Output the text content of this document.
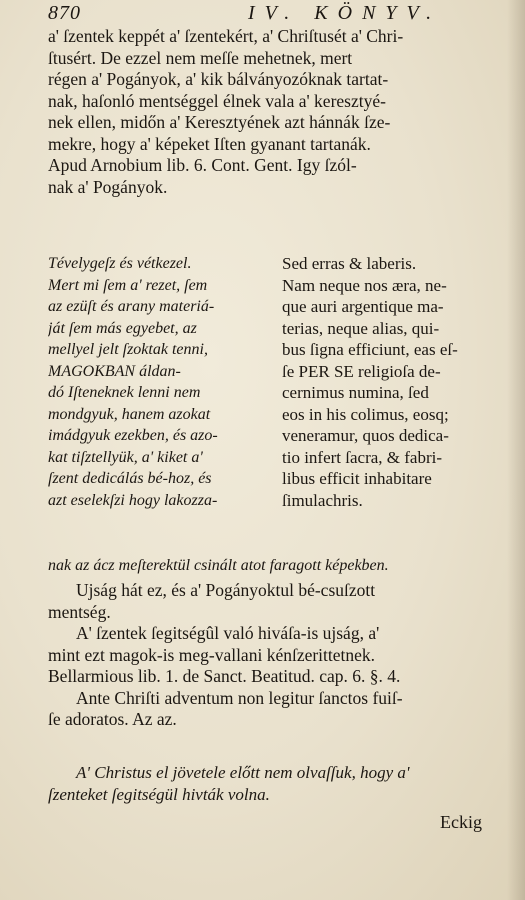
870	IV. KÖNYV.
a' ſzentek keppét a' ſzentekért, a' Chriſtusét a' Chri-
ſtusért. De ezzel nem meſſe mehetnek, mert
régen a' Pogányok, a' kik bálványozóknak tartat-
nak, haſonló mentséggel élnek vala a' keresztyé-
nek ellen, midőn a' Keresztyének azt hánnák ſze-
mekre, hogy a' képeket Iſten gyanant tartanák.
Apud Arnobium lib. 6. Cont. Gent. Igy ſzól-
nak a' Pogányok.
Tévelygeſz és vétkezel.
Mert mi ſem a' rezet, ſem
az ezüſt és arany materiá-
ját ſem más egyebet, az
mellyel jelt ſzoktak tenni,
MAGOKBAN áldan-
dó Iſteneknek lenni nem
mondgyuk, hanem azokat
imádgyuk ezekben, és azo-
kat tiſztellyük, a' kiket a'
ſzent dedicálás bé-hoz, és
azt eselekſzi hogy lakozza-
Sed erras & laberis.
Nam neque nos æra, ne-
que auri argentique ma-
terias, neque alias, qui-
bus ſigna efficiunt, eas eſ-
ſe PER SE religioſa de-
cernimus numina, ſed
eos in his colimus, eosq;
veneramur, quos dedica-
tio infert ſacra, & fabri-
libus efficit inhabitare
ſimulachris.
nak az ácz meſterektül csinált atot faragott képekben.
Ujság hát ez, és a' Pogányoktul bé-csuſzott
mentség.
A' ſzentek ſegitségûl való hiváſa-is ujság, a'
mint ezt magok-is meg-vallani kénſzerittetnek.
Bellarmious lib. 1. de Sanct. Beatitud. cap. 6. §. 4.
Ante Chriſti adventum non legitur ſanctos fuiſ-
ſe adoratos. Az az.
A' Christus el jövetele előtt nem olvaſſuk, hogy a'
ſzenteket ſegitségül hivták volna.
Eckig
